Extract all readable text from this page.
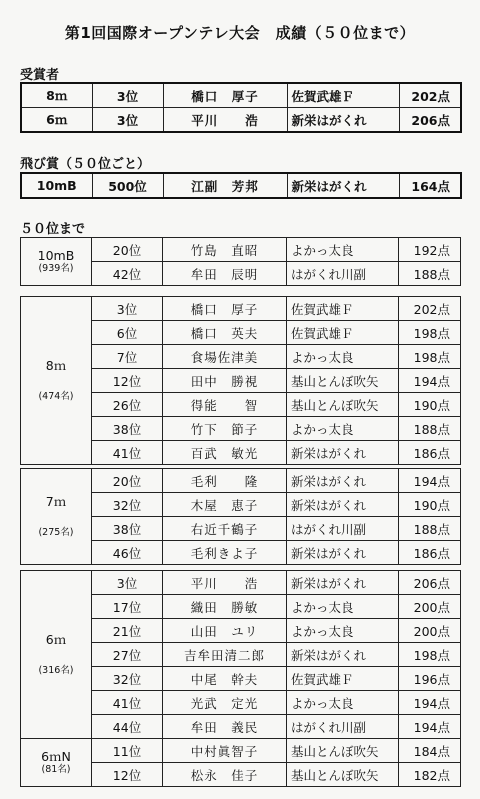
第1回国際オープンテレ大会　成績（５０位まで）
受賞者
8ｍ	3位	橋口　厚子	佐賀武雄Ｆ	202点
6ｍ	3位	平川　　浩	新栄はがくれ	206点
飛び賞（５０位ごと）
10mB	500位	江副　芳邦	新栄はがくれ	164点
５０位まで
10mB
(939名)	20位	竹島　直昭	よかっ太良	192点
	42位	牟田　辰明	はがくれ川副	188点
8ｍ
(474名)	3位	橋口　厚子	佐賀武雄Ｆ	202点
	6位	橋口　英夫	佐賀武雄Ｆ	198点
	7位	食場佐津美	よかっ太良	198点
	12位	田中　勝視	基山とんぼ吹矢	194点
	26位	得能　　智	基山とんぼ吹矢	190点
	38位	竹下　節子	よかっ太良	188点
	41位	百武　敏光	新栄はがくれ	186点
7ｍ
(275名)	20位	毛利　　隆	新栄はがくれ	194点
	32位	木屋　恵子	新栄はがくれ	190点
	38位	右近千鶴子	はがくれ川副	188点
	46位	毛利きよ子	新栄はがくれ	186点
6ｍ
(316名)	3位	平川　　浩	新栄はがくれ	206点
	17位	織田　勝敏	よかっ太良	200点
	21位	山田　ユリ	よかっ太良	200点
	27位	吉牟田清二郎	新栄はがくれ	198点
	32位	中尾　幹夫	佐賀武雄Ｆ	196点
	41位	光武　定光	よかっ太良	194点
	44位	牟田　義民	はがくれ川副	194点
6ｍN
(81名)	11位	中村眞智子	基山とんぼ吹矢	184点
	12位	松永　佳子	基山とんぼ吹矢	182点
